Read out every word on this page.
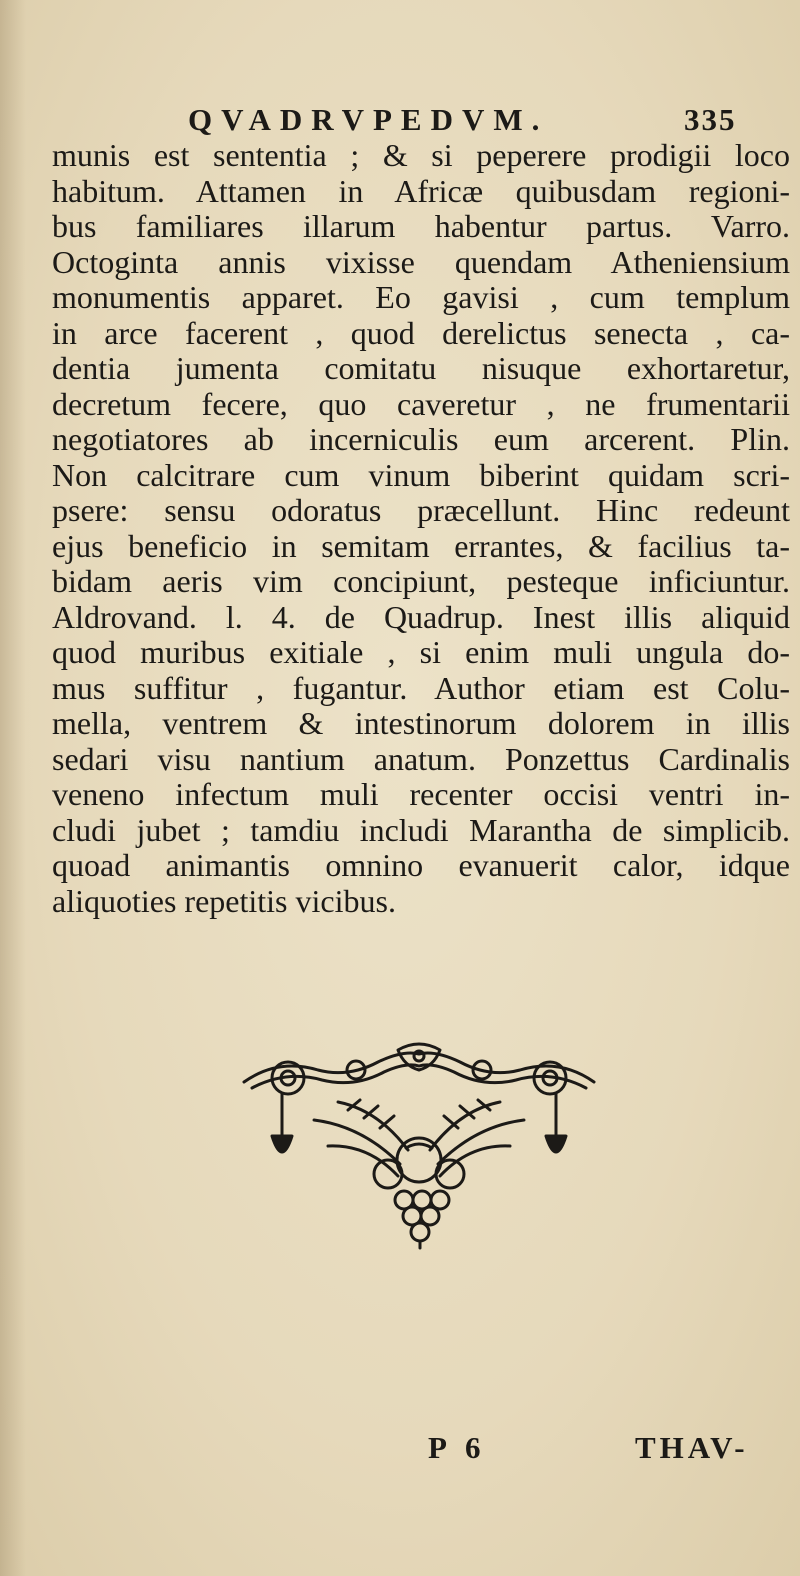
QVADRVPEDVM.	335
munis est sententia ; & si peperere prodigii loco
habitum. Attamen in Africæ quibusdam regioni-
bus familiares illarum habentur partus. Varro.
Octoginta annis vixisse quendam Atheniensium
monumentis apparet. Eo gavisi , cum templum
in arce facerent , quod derelictus senecta , ca-
dentia jumenta comitatu nisuque exhortaretur,
decretum fecere, quo caveretur , ne frumentarii
negotiatores ab incerniculis eum arcerent. Plin.
Non calcitrare cum vinum biberint quidam scri-
psere: sensu odoratus præcellunt. Hinc redeunt
ejus beneficio in semitam errantes, & facilius ta-
bidam aeris vim concipiunt, pesteque inficiuntur.
Aldrovand. l. 4. de Quadrup. Inest illis aliquid
quod muribus exitiale , si enim muli ungula do-
mus suffitur , fugantur. Author etiam est Colu-
mella, ventrem & intestinorum dolorem in illis
sedari visu nantium anatum. Ponzettus Cardinalis
veneno infectum muli recenter occisi ventri in-
cludi jubet ; tamdiu includi Marantha de simplicib.
quoad animantis omnino evanuerit calor, idque
aliquoties repetitis vicibus.
P 6	THAV-
